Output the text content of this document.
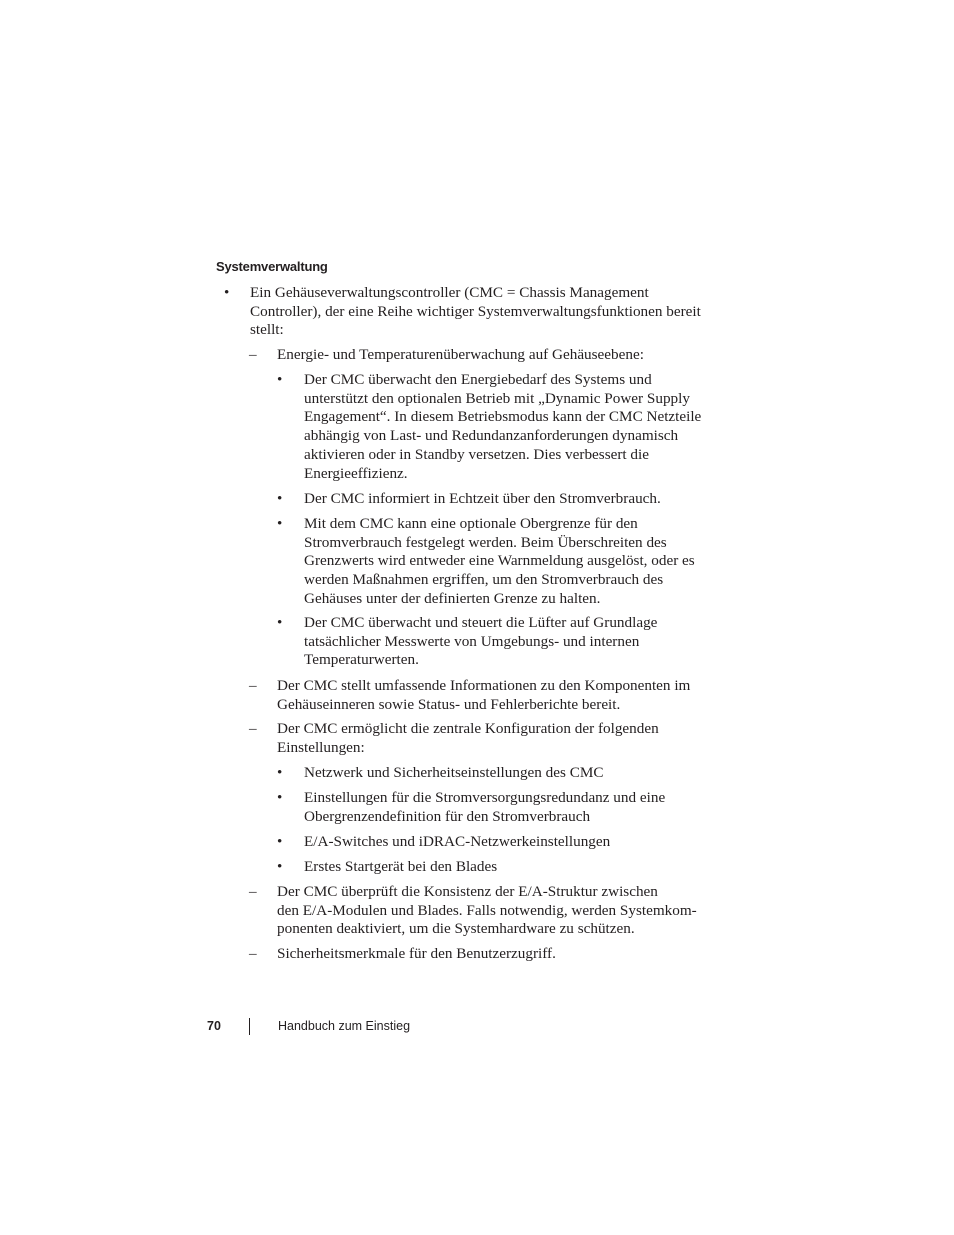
Systemverwaltung
• Ein Gehäuseverwaltungscontroller (CMC = Chassis Management
Controller), der eine Reihe wichtiger Systemverwaltungsfunktionen bereit
stellt:
– Energie- und Temperaturenüberwachung auf Gehäuseebene:
• Der CMC überwacht den Energiebedarf des Systems und
unterstützt den optionalen Betrieb mit „Dynamic Power Supply
Engagement“. In diesem Betriebsmodus kann der CMC Netzteile
abhängig von Last- und Redundanzanforderungen dynamisch
aktivieren oder in Standby versetzen. Dies verbessert die
Energieeffizienz.
• Der CMC informiert in Echtzeit über den Stromverbrauch.
• Mit dem CMC kann eine optionale Obergrenze für den
Stromverbrauch festgelegt werden. Beim Überschreiten des
Grenzwerts wird entweder eine Warnmeldung ausgelöst, oder es
werden Maßnahmen ergriffen, um den Stromverbrauch des
Gehäuses unter der definierten Grenze zu halten.
• Der CMC überwacht und steuert die Lüfter auf Grundlage
tatsächlicher Messwerte von Umgebungs- und internen
Temperaturwerten.
– Der CMC stellt umfassende Informationen zu den Komponenten im
Gehäuseinneren sowie Status- und Fehlerberichte bereit.
– Der CMC ermöglicht die zentrale Konfiguration der folgenden
Einstellungen:
• Netzwerk und Sicherheitseinstellungen des CMC
• Einstellungen für die Stromversorgungsredundanz und eine
Obergrenzendefinition für den Stromverbrauch
• E/A-Switches und iDRAC-Netzwerkeinstellungen
• Erstes Startgerät bei den Blades
– Der CMC überprüft die Konsistenz der E/A-Struktur zwischen
den E/A-Modulen und Blades. Falls notwendig, werden Systemkom-
ponenten deaktiviert, um die Systemhardware zu schützen.
– Sicherheitsmerkmale für den Benutzerzugriff.
70	Handbuch zum Einstieg
